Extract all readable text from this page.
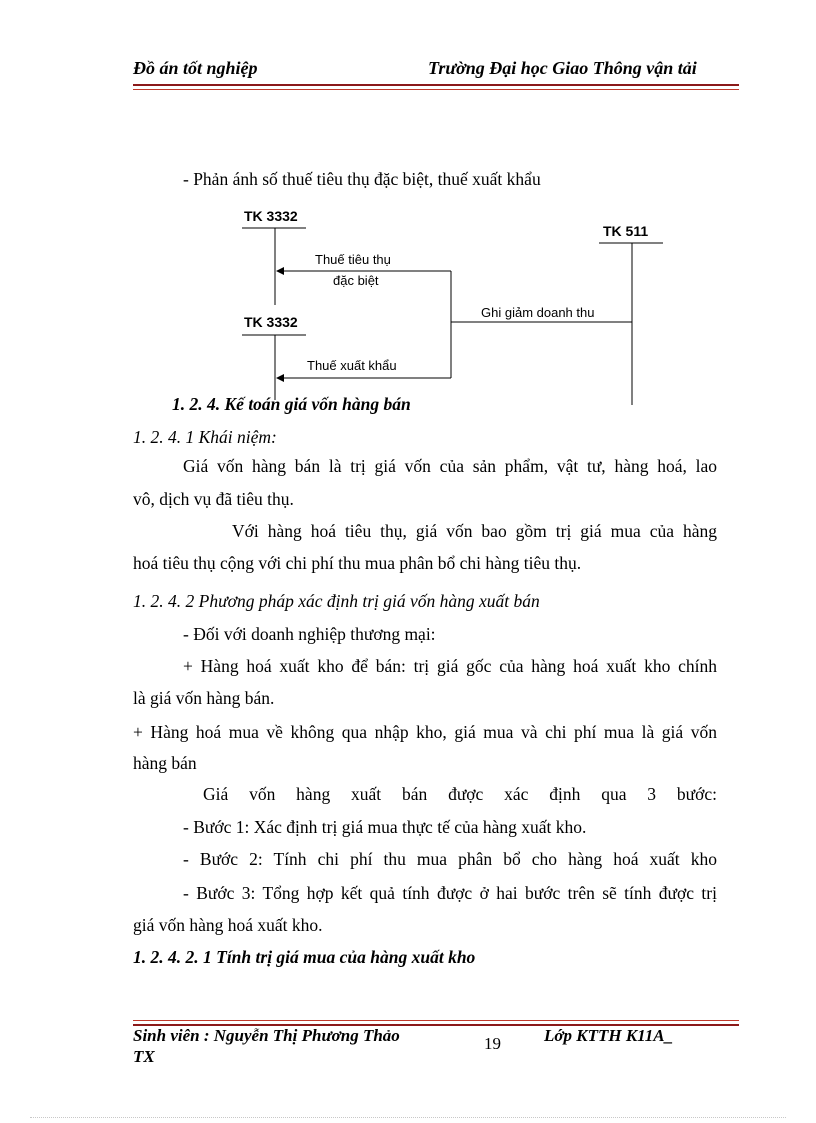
Đồ án tốt nghiệp	Trường Đại học Giao Thông vận tải
- Phản ánh số thuế tiêu thụ đặc biệt, thuế xuất khẩu
TK 3332
TK 3332
TK 511
Thuế tiêu thụ
đặc biệt
Ghi giảm doanh thu
Thuế xuất khẩu
1. 2. 4. Kế toán giá vốn hàng bán
1. 2. 4. 1 Khái niệm:
Giá vốn hàng bán là trị giá vốn của sản phẩm, vật tư, hàng hoá, lao
vô, dịch vụ đã tiêu thụ.
Với hàng hoá tiêu thụ, giá vốn bao gồm trị giá mua của hàng
hoá tiêu thụ cộng với chi phí thu mua phân bổ chi hàng tiêu thụ.
1. 2. 4. 2 Phương pháp xác định trị giá vốn hàng xuất bán
- Đối với doanh nghiệp thương mại:
+ Hàng hoá xuất kho để bán: trị giá gốc của hàng hoá xuất kho chính
là giá vốn hàng bán.
+ Hàng hoá mua về không qua nhập kho, giá mua và chi phí mua là giá vốn
hàng bán
Giá vốn hàng xuất bán được xác định qua 3 bước:
- Bước 1: Xác định trị giá mua thực tế của hàng xuất kho.
- Bước 2: Tính chi phí thu mua phân bổ cho hàng hoá xuất kho
- Bước 3: Tổng hợp kết quả tính được ở hai bước trên sẽ tính được trị
giá vốn hàng hoá xuất kho.
1. 2. 4. 2. 1 Tính trị giá mua của hàng xuất kho
Sinh viên : Nguyễn Thị Phương Thảo	19	Lớp KTTH K11A_
TX
